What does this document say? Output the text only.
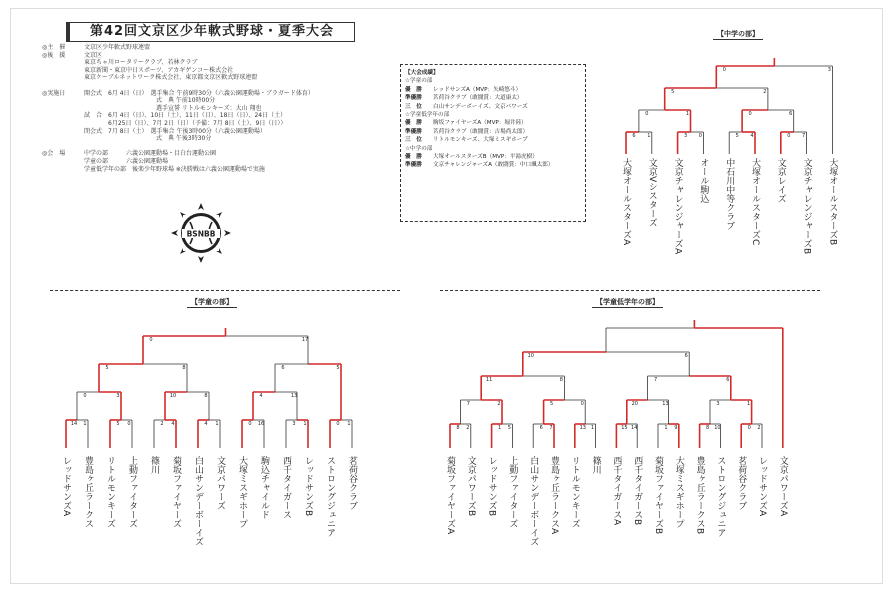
第42回文京区少年軟式野球・夏季大会
◎主　催	文京区少年軟式野球連盟
◎後　援	文京区
東京ちゃ川ロータリークラブ、若林クラブ
東京新聞・東京中日スポーツ、アカギゲンコー株式会社
東京ケーブルネットワーク株式会社、東京都文京区軟式野球連盟
◎実施日	開会式　6月 4日（日）　選手集合 午前9時30分（六義公園運動場・ブラガード体育）
　　　　　　　　　　　　式　典 午前10時00分
　　　　　　　　　　　　選手宣誓 リトルモンキーズ：大山 翔也
試　合　6月 4日（日）、10日（土）、11日（日）、18日（日）、24日（土）
　　　　6月25日（日）、7月 2日（日）（予備：7月 8日（土）、9日（日））
閉会式　7月 8日（土）　選手集合 午後3時00分（六義公園運動場）
　　　　　　　　　　　　式　典 午後3時30分
◎会　場	中学の部　　　六義公園運動場・目白台運動公園
学童の部　　　六義公園運動場
学童低学年の部　後楽少年野球場 ※決勝戦は六義公園運動場で実施
BSNBB
【大会成績】
☆学童の部
優　勝 レッドサンズA（MVP：矢崎悠斗）
準優勝 茗荷谷クラブ（敢闘賞：大道康太）
三　位 白山サンデーボーイズ、文京パワーズ
☆学童低学年の部
優　勝 駒坂ファイヤーズA（MVP：堀井陸）
準優勝 茗荷谷クラブ（敢闘賞：吉場尚太郎）
三　位 リトルモンキーズ、大塚ミスギホープ
☆中学の部
優　勝 大塚オールスターズB（MVP：平湯虎樹）
準優勝 文京チャレンジャーズA（敢闘賞：中口颯太郎）
【中学の部】
【学童の部】	【学童低学年の部】
大塚オールスターズA 文京Vシスターズ 文京チャレンジャーズA オール駒込 中石川中等クラブ 大塚オールスターズC 文京レイズ 文京チャレンジャーズB 大塚オールスターズB
6	1	3	0	5	4	0	7
0	1	0	6
5	2
0	3
レッドサンズA 豊島ヶ丘ラークス リトルモンキーズ 上動ファイターズ 篠川 菊坂ファイヤーズ 白山サンデーボーイズ 文京パワーズ 大塚ミスギホープ 駒込チャイルド 西千タイガース レッドサンズB ストロングジュニア 茗荷谷クラブ
14	1	5	0	2	4	4	1	0	16	3	1	0	1
0	3	10	8	4	13
5	8	6	5
0	17
菊坂ファイヤーズA 文京パワーズB レッドサンズB 上動ファイターズ 白山サンデーボーイズ 豊島ヶ丘ラークスA リトルモンキーズ 篠川 西千タイガースA 西千タイガースB 菊坂ファイヤーズB 大塚ミスギホープ 豊島ヶ丘ラークスB ストロングジュニア 茗荷谷クラブ レッドサンズA 文京パワーズA
8	2	1	5	6	7	13	1	15 14	1	9	8	10	0	2
7	2	5	0	20	13	3	1
11	8	7	6
10	6
